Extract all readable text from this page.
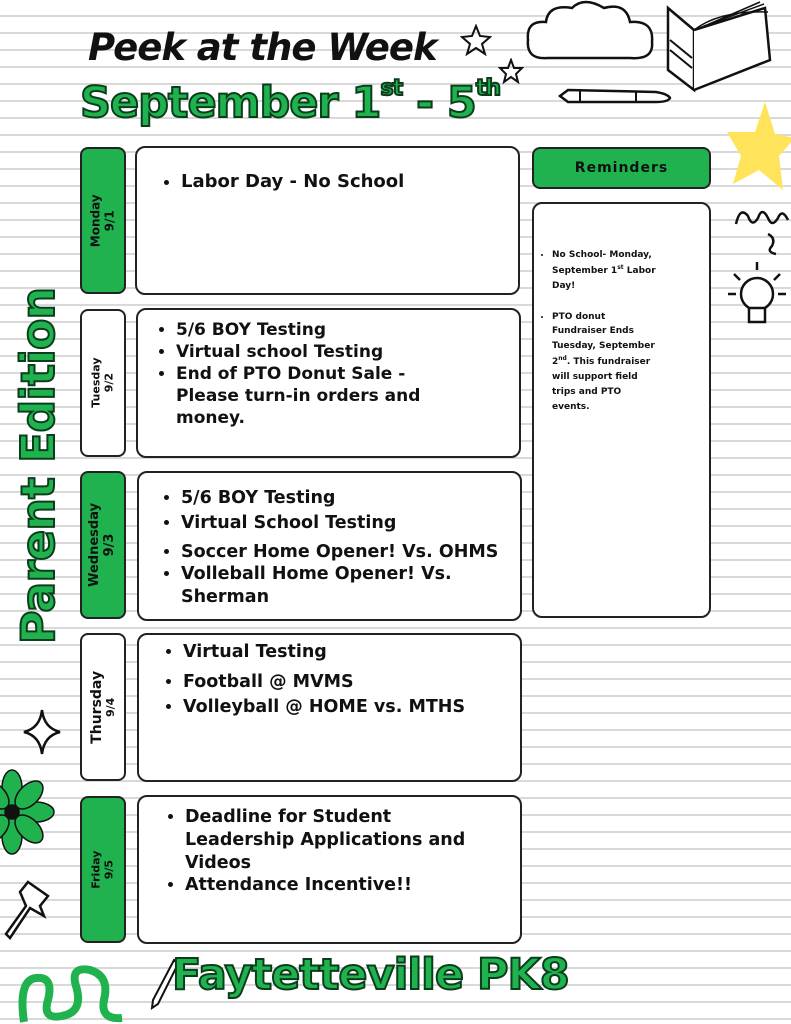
Peek at the Week
September 1st - 5th
Parent Edition
Monday 9/1
• Labor Day - No School
Tuesday 9/2
• 5/6 BOY Testing
• Virtual school Testing
• End of PTO Donut Sale -Please turn-in orders and money.
Wednesday 9/3
• 5/6 BOY Testing
• Virtual School Testing
• Soccer Home Opener! Vs. OHMS
• Volleball Home Opener! Vs. Sherman
Thursday 9/4
• Virtual Testing
• Football @ MVMS
• Volleyball @ HOME vs. MTHS
Friday 9/5
• Deadline for Student Leadership Applications and Videos
• Attendance Incentive!!
Reminders
• No School- Monday, September 1st Labor Day!
• PTO donut Fundraiser Ends Tuesday, September 2nd. This fundraiser will support field trips and PTO events.
Faytetteville PK8
